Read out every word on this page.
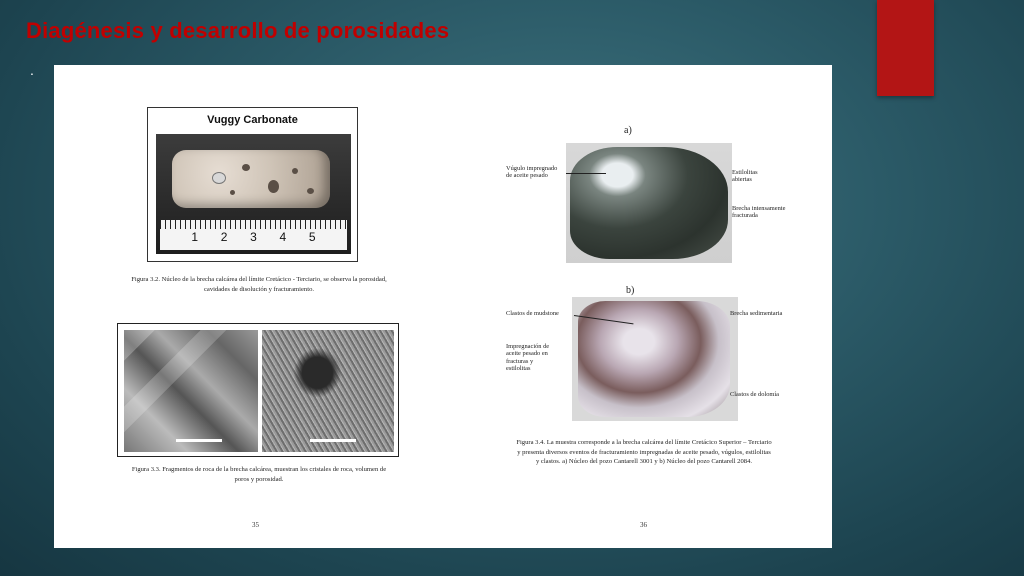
Diagénesis y desarrollo de porosidades
.
Vuggy Carbonate
1 2 3 4 5
Figura 3.2. Núcleo de la brecha calcárea del límite Cretácico - Terciario, se observa la porosidad,
cavidades de disolución y fracturamiento.
Figura 3.3. Fragmentos de roca de la brecha calcárea, muestran los cristales de roca, volumen de
poros y porosidad.
35
a)
Vúgulo impregnado
de aceite pesado	Estilolitas
abiertas
Brecha intensamente
fracturada
b)
Clastos de mudstone	Brecha sedimentaria
Impregnación de
aceite pesado en
fracturas y
estilolitas
Clastos de dolomía
Figura 3.4. La muestra corresponde a la brecha calcárea del límite Cretácico Superior – Terciario
y presenta diversos eventos de fracturamiento impregnadas de aceite pesado, vúgulos, estilolitas
y clastos. a) Núcleo del pozo Cantarell 3001 y b) Núcleo del pozo Cantarell 2084.
36
